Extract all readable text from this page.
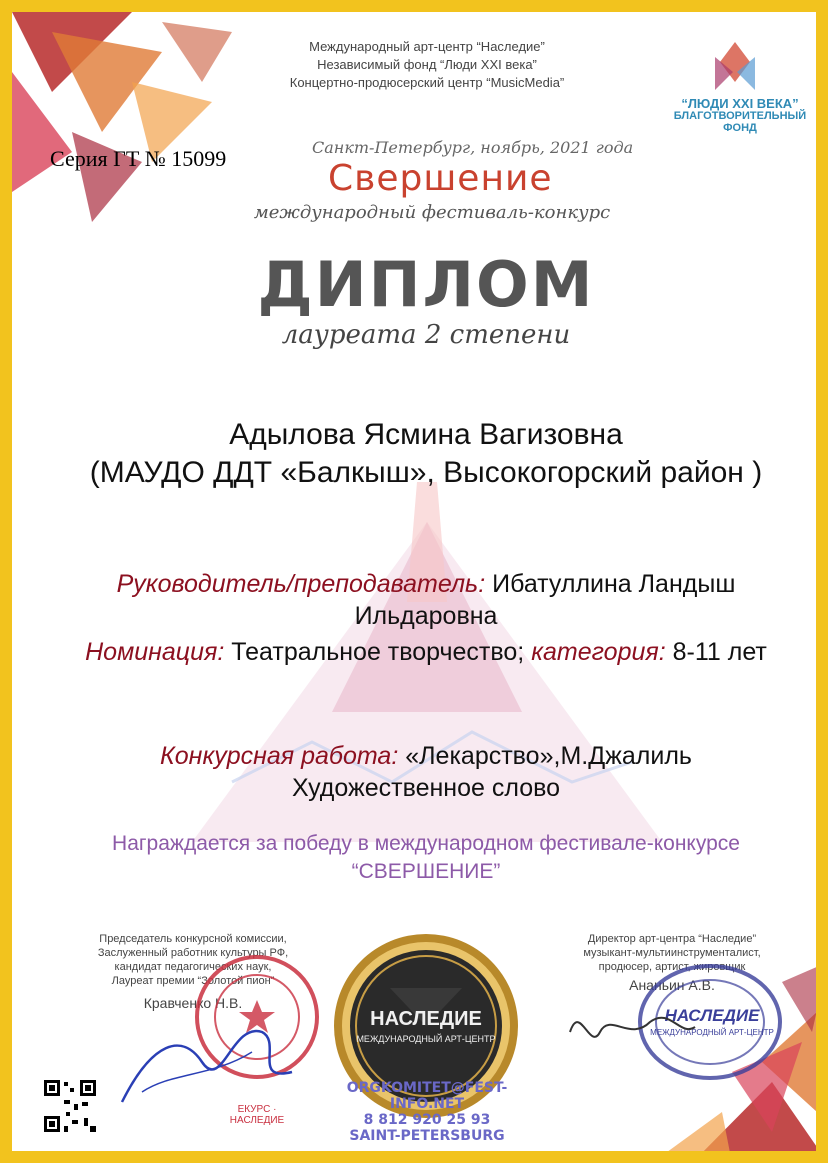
Международный арт-центр “Наследие”
Независимый фонд “Люди XXI века”
Концертно-продюсерский центр “MusicMedia”
“ЛЮДИ XXI ВЕКА”
БЛАГОТВОРИТЕЛЬНЫЙ
ФОНД
Серия ГТ № 15099	Санкт-Петербург, ноябрь, 2021 года
Свершение
международный фестиваль-конкурс
ДИПЛОМ
лауреата 2 степени
Адылова Ясмина Вагизовна
(МАУДО ДДТ «Балкыш», Высокогорский район )
Руководитель/преподаватель: Ибатуллина Ландыш Ильдаровна
Номинация: Театральное творчество; категория: 8-11 лет
Конкурсная работа: «Лекарство»,М.Джалиль Художественное слово
Награждается за победу в международном фестивале-конкурсе
“СВЕРШЕНИЕ”
Председатель конкурсной комиссии,
Заслуженный работник культуры РФ,
кандидат педагогических наук,
Лауреат премии “Золотой пион”
Кравченко Н.В.
ЕКУРС · НАСЛЕДИЕ
НАСЛЕДИЕ
МЕЖДУНАРОДНЫЙ АРТ-ЦЕНТР
Директор арт-центра “Наследие”
музыкант-мультиинструменталист,
продюсер, артист, жировщик
Ананьин А.В.
НАСЛЕДИЕ
МЕЖДУНАРОДНЫЙ АРТ-ЦЕНТР
ORGKOMITET@FEST-INFO.NET
8 812 920 25 93
SAINT-PETERSBURG
